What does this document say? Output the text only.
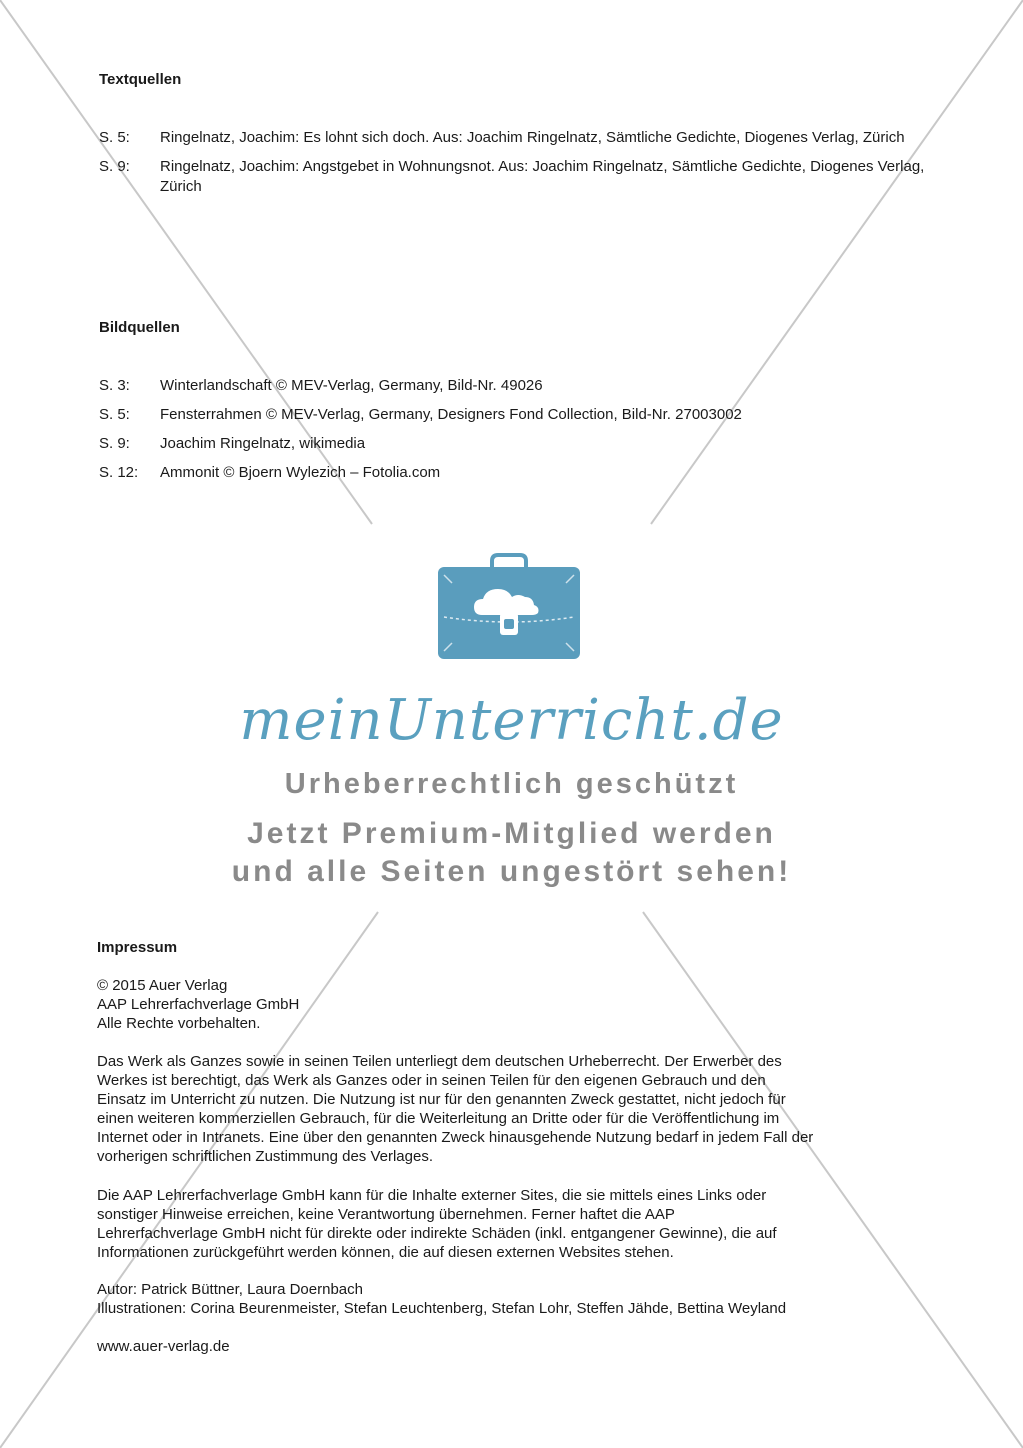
Textquellen
S. 5:	Ringelnatz, Joachim: Es lohnt sich doch. Aus: Joachim Ringelnatz, Sämtliche Gedichte, Diogenes Verlag, Zürich
S. 9:	Ringelnatz, Joachim: Angstgebet in Wohnungsnot. Aus: Joachim Ringelnatz, Sämtliche Gedichte, Diogenes Verlag, Zürich
Bildquellen
S. 3:	Winterlandschaft © MEV-Verlag, Germany, Bild-Nr. 49026
S. 5:	Fensterrahmen © MEV-Verlag, Germany, Designers Fond Collection, Bild-Nr. 27003002
S. 9:	Joachim Ringelnatz, wikimedia
S. 12:	Ammonit © Bjoern Wylezich – Fotolia.com
meinUnterricht.de
Urheberrechtlich geschützt
Jetzt Premium-Mitglied werden
und alle Seiten ungestört sehen!
Impressum

© 2015 Auer Verlag

AAP Lehrerfachverlage GmbH

Alle Rechte vorbehalten.

Das Werk als Ganzes sowie in seinen Teilen unterliegt dem deutschen Urheberrecht. Der Erwerber des Werkes ist berechtigt, das Werk als Ganzes oder in seinen Teilen für den eigenen Gebrauch und den Einsatz im Unterricht zu nutzen. Die Nutzung ist nur für den genannten Zweck gestattet, nicht jedoch für einen weiteren kommerziellen Gebrauch, für die Weiterleitung an Dritte oder für die Veröffentlichung im Internet oder in Intranets. Eine über den genannten Zweck hinausgehende Nutzung bedarf in jedem Fall der vorherigen schriftlichen Zustimmung des Verlages.
Die AAP Lehrerfachverlage GmbH kann für die Inhalte externer Sites, die sie mittels eines Links oder sonstiger Hinweise erreichen, keine Verantwortung übernehmen. Ferner haftet die AAP Lehrerfachverlage GmbH nicht für direkte oder indirekte Schäden (inkl. entgangener Gewinne), die auf Informationen zurückgeführt werden können, die auf diesen externen Websites stehen.

Autor: Patrick Büttner, Laura Doernbach

Illustrationen: Corina Beurenmeister, Stefan Leuchtenberg, Stefan Lohr, Steffen Jähde, Bettina Weyland

www.auer-verlag.de
